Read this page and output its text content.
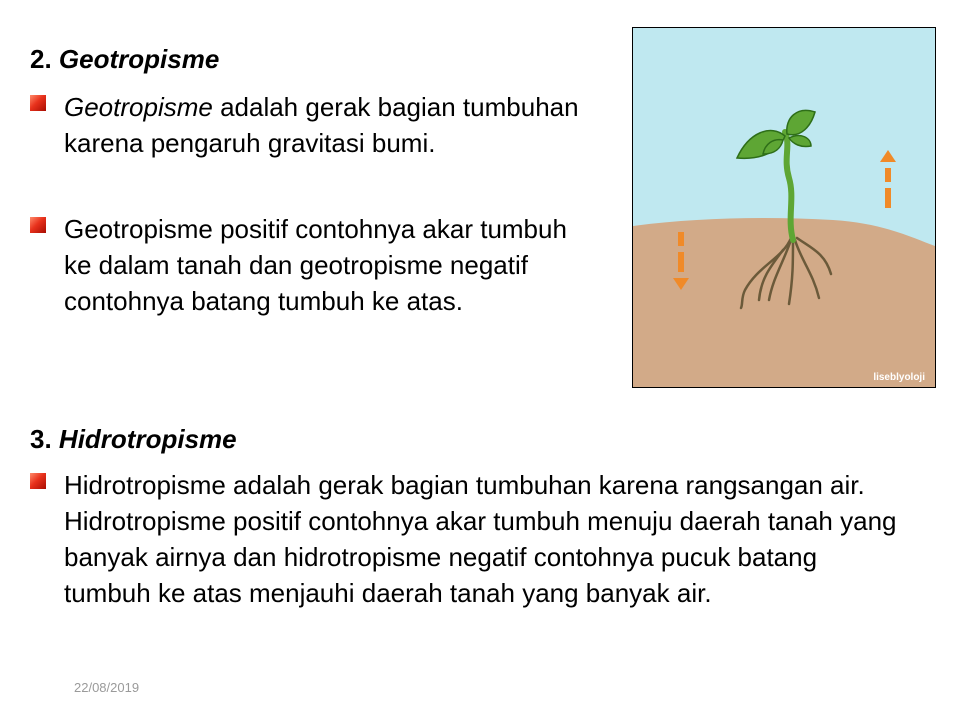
2. Geotropisme
Geotropisme adalah gerak bagian tumbuhan karena pengaruh gravitasi bumi.
Geotropisme positif contohnya akar tumbuh ke dalam tanah dan geotropisme negatif contohnya batang tumbuh ke atas.
liseblyoloji
3. Hidrotropisme
Hidrotropisme adalah gerak bagian tumbuhan karena rangsangan air. Hidrotropisme positif contohnya akar tumbuh menuju daerah tanah yang banyak airnya dan hidrotropisme negatif contohnya pucuk batang tumbuh ke atas menjauhi daerah tanah yang banyak air.
22/08/2019
